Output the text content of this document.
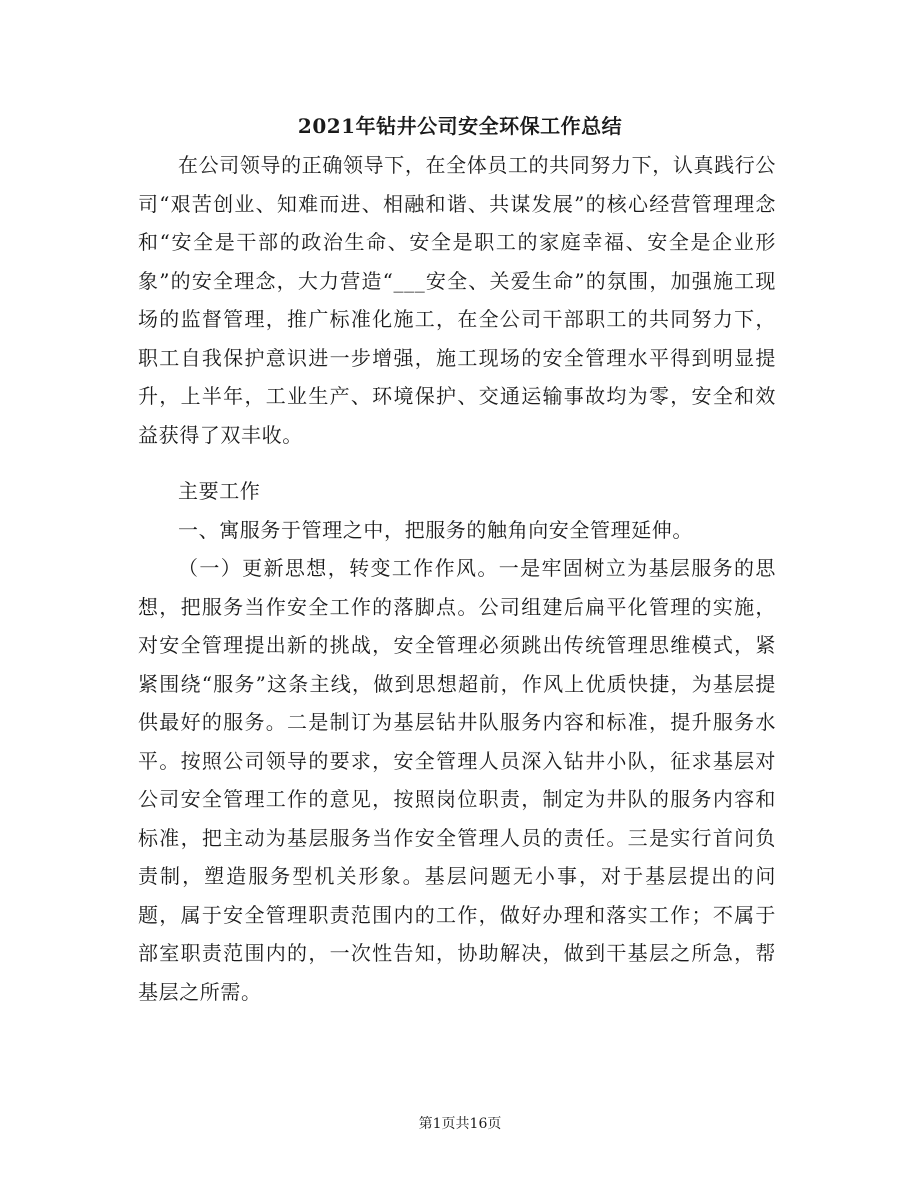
2021年钻井公司安全环保工作总结

在公司领导的正确领导下，在全体员工的共同努力下，认真践行公司“艰苦创业、知难而进、相融和谐、共谋发展”的核心经营管理理念和“安全是干部的政治生命、安全是职工的家庭幸福、安全是企业形象”的安全理念，大力营造“___安全、关爱生命”的氛围，加强施工现场的监督管理，推广标准化施工，在全公司干部职工的共同努力下，职工自我保护意识进一步增强，施工现场的安全管理水平得到明显提升，上半年，工业生产、环境保护、交通运输事故均为零，安全和效益获得了双丰收。

主要工作

一、寓服务于管理之中，把服务的触角向安全管理延伸。

（一）更新思想，转变工作作风。一是牢固树立为基层服务的思想，把服务当作安全工作的落脚点。公司组建后扁平化管理的实施，对安全管理提出新的挑战，安全管理必须跳出传统管理思维模式，紧紧围绕“服务”这条主线，做到思想超前，作风上优质快捷，为基层提供最好的服务。二是制订为基层钻井队服务内容和标准，提升服务水平。按照公司领导的要求，安全管理人员深入钻井小队，征求基层对公司安全管理工作的意见，按照岗位职责，制定为井队的服务内容和标准，把主动为基层服务当作安全管理人员的责任。三是实行首问负责制，塑造服务型机关形象。基层问题无小事，对于基层提出的问题，属于安全管理职责范围内的工作，做好办理和落实工作；不属于部室职责范围内的，一次性告知，协助解决，做到干基层之所急，帮基层之所需。

第1页共16页
